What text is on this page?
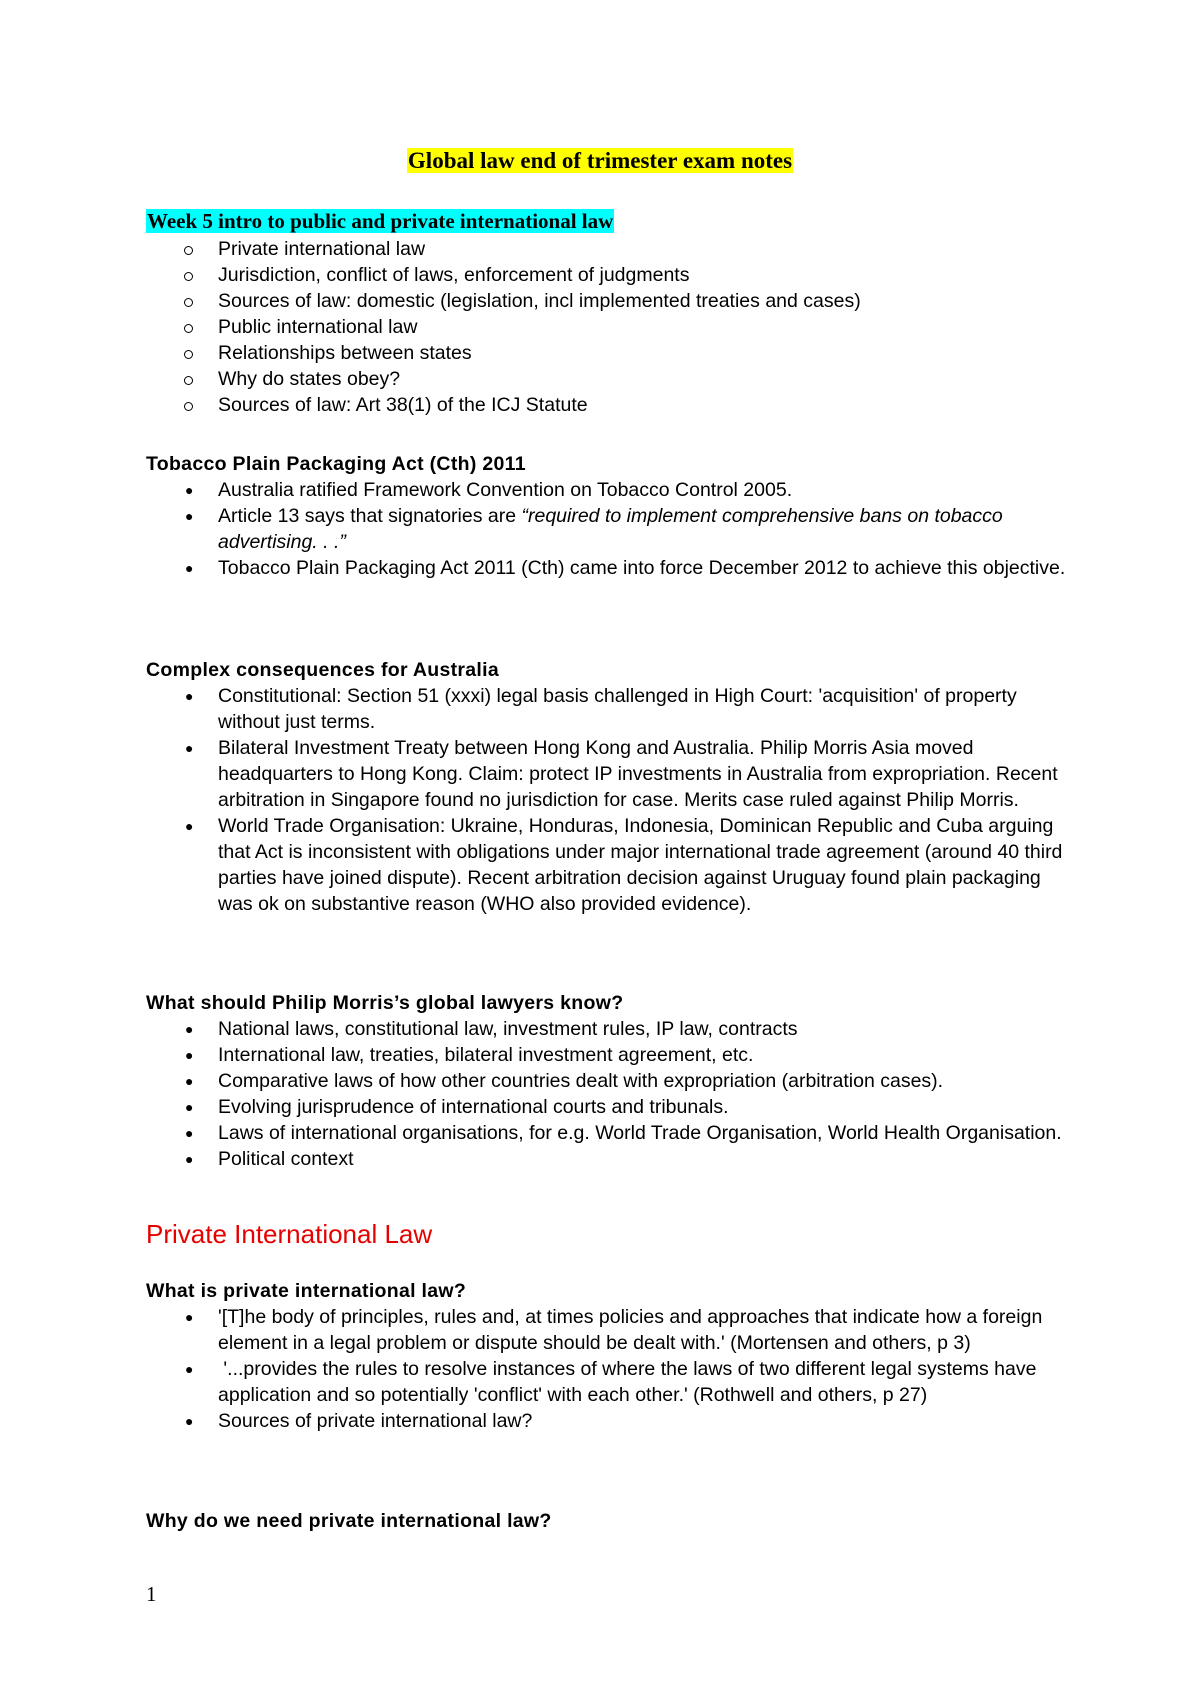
Global law end of trimester exam notes
Week 5 intro to public and private international law
Private international law
Jurisdiction, conflict of laws, enforcement of judgments
Sources of law: domestic (legislation, incl implemented treaties and cases)
Public international law
Relationships between states
Why do states obey?
Sources of law: Art 38(1) of the ICJ Statute
Tobacco Plain Packaging Act (Cth) 2011
● Australia ratified Framework Convention on Tobacco Control 2005.
● Article 13 says that signatories are “required to implement comprehensive bans on tobacco advertising. . .”
● Tobacco Plain Packaging Act 2011 (Cth) came into force December 2012 to achieve this objective.
Complex consequences for Australia
● Constitutional: Section 51 (xxxi) legal basis challenged in High Court: 'acquisition' of property without just terms.
● Bilateral Investment Treaty between Hong Kong and Australia. Philip Morris Asia moved headquarters to Hong Kong. Claim: protect IP investments in Australia from expropriation. Recent arbitration in Singapore found no jurisdiction for case. Merits case ruled against Philip Morris.
● World Trade Organisation: Ukraine, Honduras, Indonesia, Dominican Republic and Cuba arguing that Act is inconsistent with obligations under major international trade agreement (around 40 third parties have joined dispute). Recent arbitration decision against Uruguay found plain packaging was ok on substantive reason (WHO also provided evidence).
What should Philip Morris’s global lawyers know?
● National laws, constitutional law, investment rules, IP law, contracts
● International law, treaties, bilateral investment agreement, etc.
● Comparative laws of how other countries dealt with expropriation (arbitration cases).
● Evolving jurisprudence of international courts and tribunals.
● Laws of international organisations, for e.g. World Trade Organisation, World Health Organisation.
● Political context
Private International Law
What is private international law?
● '[T]he body of principles, rules and, at times policies and approaches that indicate how a foreign element in a legal problem or dispute should be dealt with.' (Mortensen and others, p 3)
● '...provides the rules to resolve instances of where the laws of two different legal systems have application and so potentially 'conflict' with each other.' (Rothwell and others, p 27)
● Sources of private international law?
Why do we need private international law?
1
